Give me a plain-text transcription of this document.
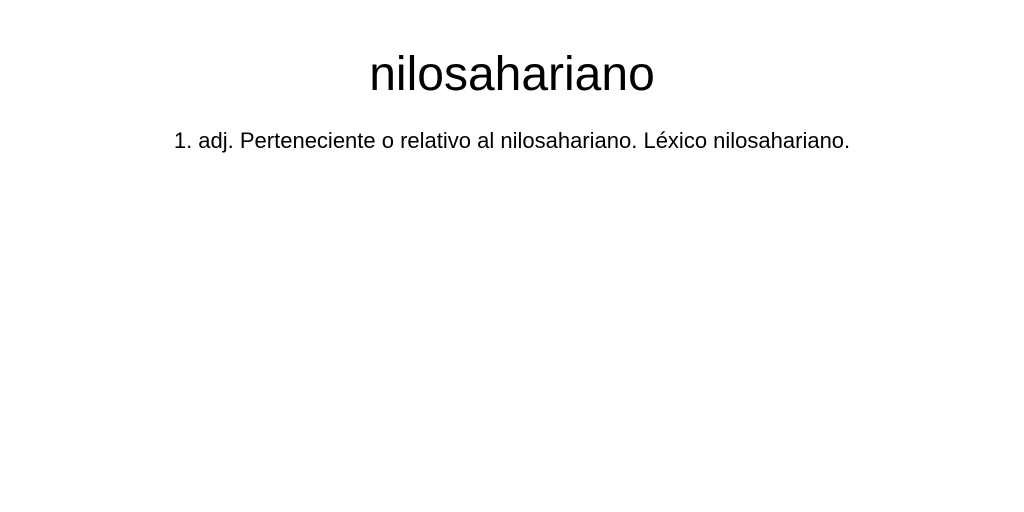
nilosahariano

1. adj. Perteneciente o relativo al nilosahariano. Léxico nilosahariano.
